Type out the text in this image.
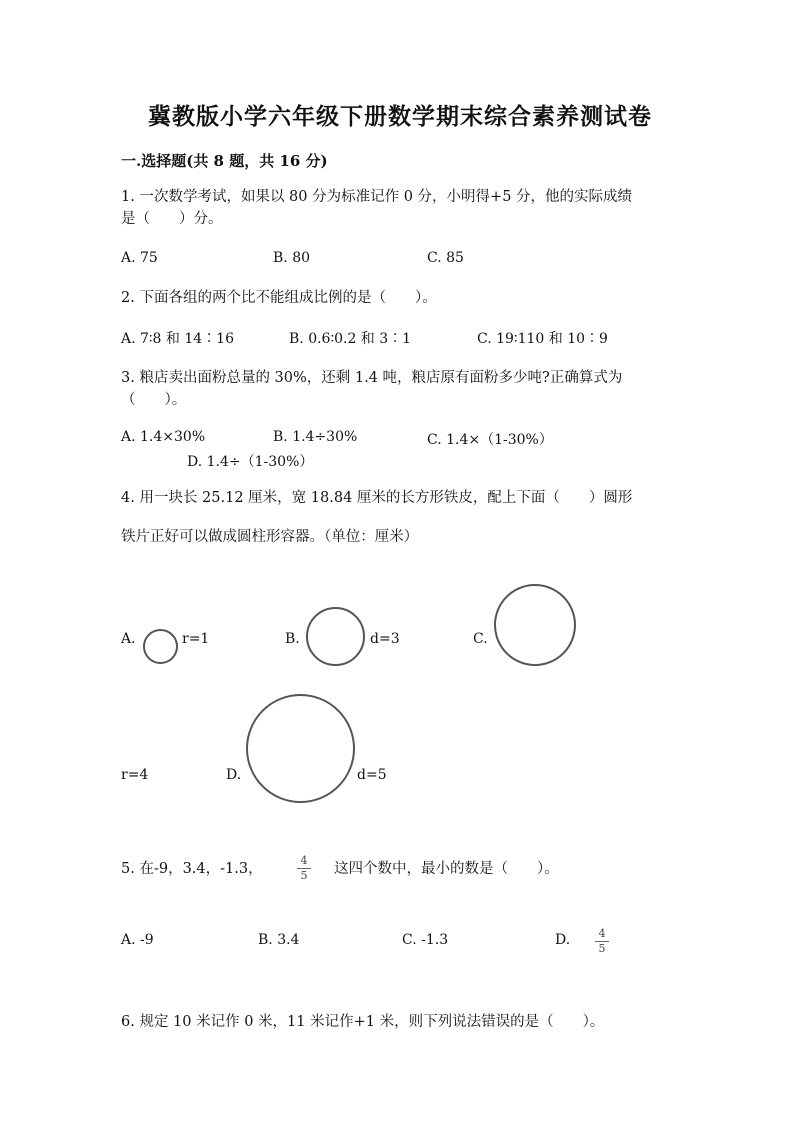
冀教版小学六年级下册数学期末综合素养测试卷
一.选择题(共 8 题，共 16 分)
1. 一次数学考试，如果以 80 分为标准记作 0 分，小明得+5 分，他的实际成绩
是（　　）分。
A. 75	B. 80	C. 85
2. 下面各组的两个比不能组成比例的是（　　）。
A. 7∶8 和 14∶16	B. 0.6∶0.2 和 3∶1	C. 19∶110 和 10∶9
3. 粮店卖出面粉总量的 30%，还剩 1.4 吨，粮店原有面粉多少吨?正确算式为
（　　）。
A. 1.4×30%	B. 1.4÷30%	C. 1.4×（1-30%）
D. 1.4÷（1-30%）
4. 用一块长 25.12 厘米，宽 18.84 厘米的长方形铁皮，配上下面（　　）圆形
铁片正好可以做成圆柱形容器。（单位：厘米）
A.	r=1	B.	d=3	C.
r=4	D.	d=5
5. 在-9，3.4，-1.3，
4
5 这四个数中，最小的数是（　　）。
A. -9	B. 3.4	C. -1.3	D.	4
5
6. 规定 10 米记作 0 米，11 米记作+1 米，则下列说法错误的是（　　）。
